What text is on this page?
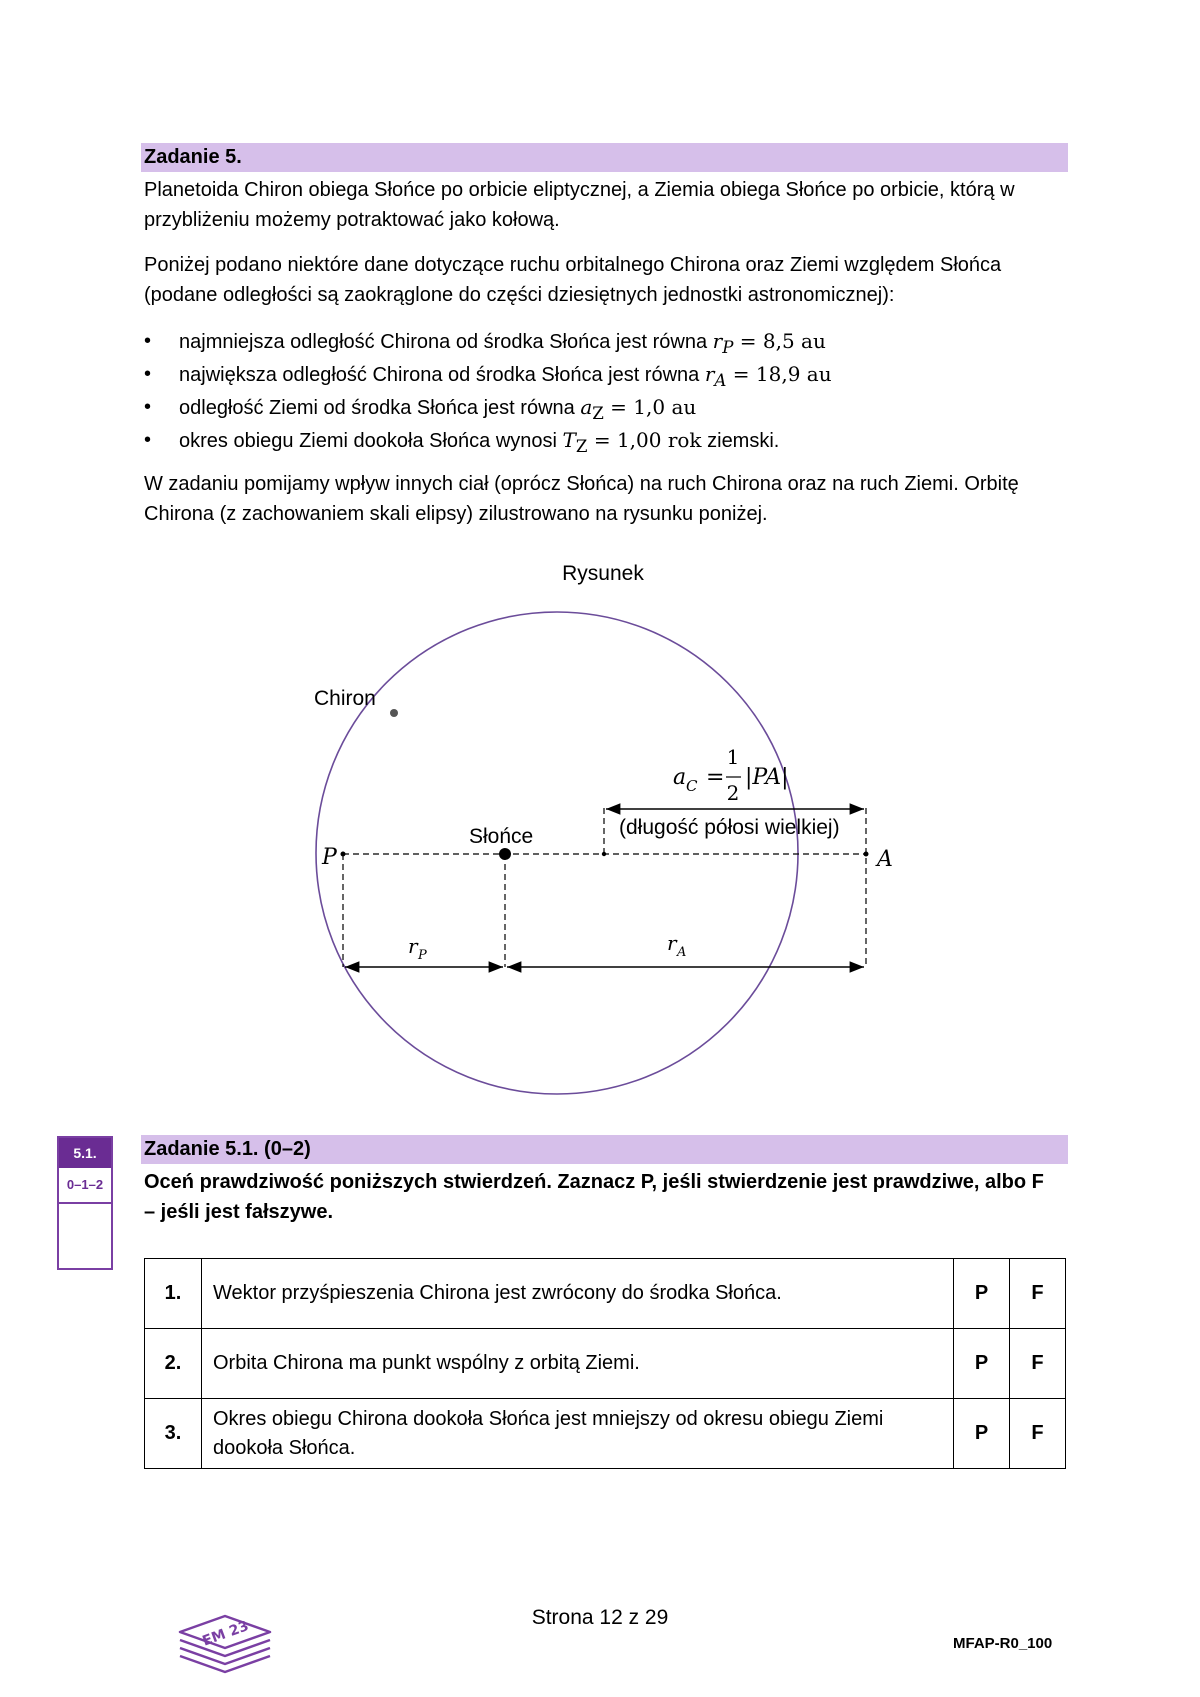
Zadanie 5.
Planetoida Chiron obiega Słońce po orbicie eliptycznej, a Ziemia obiega Słońce po orbicie, którą w przybliżeniu możemy potraktować jako kołową.
Poniżej podano niektóre dane dotyczące ruchu orbitalnego Chirona oraz Ziemi względem Słońca (podane odległości są zaokrąglone do części dziesiętnych jednostki astronomicznej):
•	najmniejsza odległość Chirona od środka Słońca jest równa $r_P = 8,5$ au
•	największa odległość Chirona od środka Słońca jest równa $r_A = 18,9$ au
•	odległość Ziemi od środka Słońca jest równa $a_Z = 1,0$ au
•	okres obiegu Ziemi dookoła Słońca wynosi $T_Z = 1,00$ rok ziemski.
W zadaniu pomijamy wpływ innych ciał (oprócz Słońca) na ruch Chirona oraz na ruch Ziemi. Orbitę Chirona (z zachowaniem skali elipsy) zilustrowano na rysunku poniżej.
Rysunek
Chiron
Słońce
P	A
(długość półosi wielkiej)
a C =
1
2
|PA|
r P
r A
5.1.
0–1–2
Zadanie 5.1. (0–2)
Oceń prawdziwość poniższych stwierdzeń. Zaznacz P, jeśli stwierdzenie jest prawdziwe, albo F – jeśli jest fałszywe.
1.	Wektor przyśpieszenia Chirona jest zwrócony do środka Słońca.	P	F
2.	Orbita Chirona ma punkt wspólny z orbitą Ziemi.	P	F
3.	Okres obiegu Chirona dookoła Słońca jest mniejszy od okresu obiegu Ziemi dookoła Słońca.	P	F
EM 23
Strona 12 z 29
MFAP-R0_100
